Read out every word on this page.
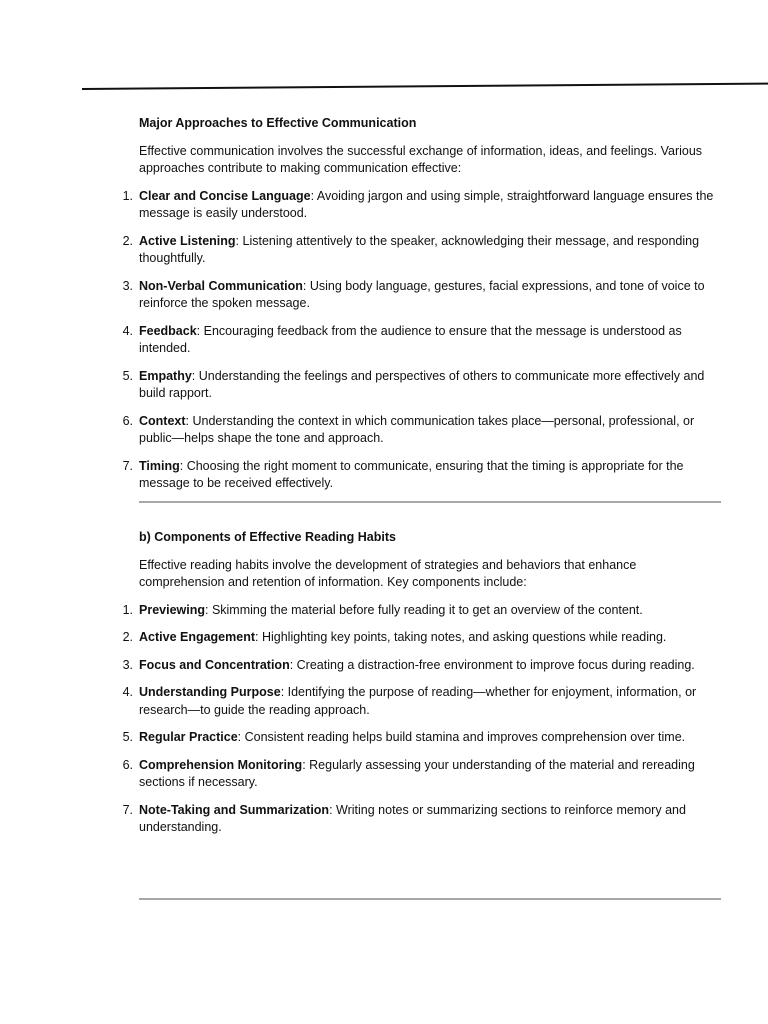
Major Approaches to Effective Communication

Effective communication involves the successful exchange of information, ideas, and feelings. Various approaches contribute to making communication effective:

1. Clear and Concise Language: Avoiding jargon and using simple, straightforward language ensures the message is easily understood.
2. Active Listening: Listening attentively to the speaker, acknowledging their message, and responding thoughtfully.
3. Non-Verbal Communication: Using body language, gestures, facial expressions, and tone of voice to reinforce the spoken message.
4. Feedback: Encouraging feedback from the audience to ensure that the message is understood as intended.
5. Empathy: Understanding the feelings and perspectives of others to communicate more effectively and build rapport.
6. Context: Understanding the context in which communication takes place—personal, professional, or public—helps shape the tone and approach.
7. Timing: Choosing the right moment to communicate, ensuring that the timing is appropriate for the message to be received effectively.

b) Components of Effective Reading Habits

Effective reading habits involve the development of strategies and behaviors that enhance comprehension and retention of information. Key components include:

1. Previewing: Skimming the material before fully reading it to get an overview of the content.
2. Active Engagement: Highlighting key points, taking notes, and asking questions while reading.
3. Focus and Concentration: Creating a distraction-free environment to improve focus during reading.
4. Understanding Purpose: Identifying the purpose of reading—whether for enjoyment, information, or research—to guide the reading approach.
5. Regular Practice: Consistent reading helps build stamina and improves comprehension over time.
6. Comprehension Monitoring: Regularly assessing your understanding of the material and rereading sections if necessary.
7. Note-Taking and Summarization: Writing notes or summarizing sections to reinforce memory and understanding.
